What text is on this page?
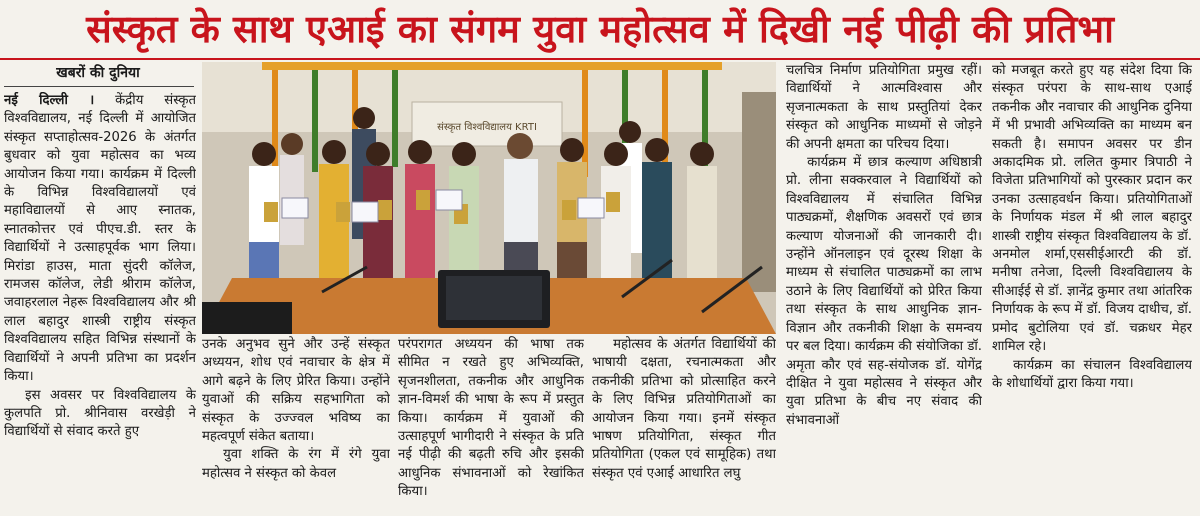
संस्कृत के साथ एआई का संगम युवा महोत्सव में दिखी नई पीढ़ी की प्रतिभा
खबरों की दुनिया

नई दिल्ली । केंद्रीय संस्कृत विश्वविद्यालय, नई दिल्ली में आयोजित संस्कृत सप्ताहोत्सव-2026 के अंतर्गत बुधवार को युवा महोत्सव का भव्य आयोजन किया गया। कार्यक्रम में दिल्ली के विभिन्न विश्वविद्यालयों एवं महाविद्यालयों से आए स्नातक, स्नातकोत्तर एवं पीएच.डी. स्तर के विद्यार्थियों ने उत्साहपूर्वक भाग लिया। मिरांडा हाउस, माता सुंदरी कॉलेज, रामजस कॉलेज, लेडी श्रीराम कॉलेज, जवाहरलाल नेहरू विश्वविद्यालय और श्री लाल बहादुर शास्त्री राष्ट्रीय संस्कृत विश्वविद्यालय सहित विभिन्न संस्थानों के विद्यार्थियों ने अपनी प्रतिभा का प्रदर्शन किया।

इस अवसर पर विश्वविद्यालय के कुलपति प्रो. श्रीनिवास वरखेड़ी ने विद्यार्थियों से संवाद करते हुए

संस्कृत विश्वविद्यालय KRTI

उनके अनुभव सुने और उन्हें संस्कृत अध्ययन, शोध एवं नवाचार के क्षेत्र में आगे बढ़ने के लिए प्रेरित किया। उन्होंने युवाओं की सक्रिय सहभागिता को संस्कृत के उज्ज्वल भविष्य का महत्वपूर्ण संकेत बताया।

युवा शक्ति के रंग में रंगे युवा महोत्सव ने संस्कृत को केवल

परंपरागत अध्ययन की भाषा तक सीमित न रखते हुए अभिव्यक्ति, सृजनशीलता, तकनीक और आधुनिक ज्ञान-विमर्श की भाषा के रूप में प्रस्तुत किया। कार्यक्रम में युवाओं की उत्साहपूर्ण भागीदारी ने संस्कृत के प्रति नई पीढ़ी की बढ़ती रुचि और इसकी आधुनिक संभावनाओं को रेखांकित किया।

महोत्सव के अंतर्गत विद्यार्थियों की भाषायी दक्षता, रचनात्मकता और तकनीकी प्रतिभा को प्रोत्साहित करने के लिए विभिन्न प्रतियोगिताओं का आयोजन किया गया। इनमें संस्कृत भाषण प्रतियोगिता, संस्कृत गीत प्रतियोगिता (एकल एवं सामूहिक) तथा संस्कृत एवं एआई आधारित लघु

चलचित्र निर्माण प्रतियोगिता प्रमुख रहीं। विद्यार्थियों ने आत्मविश्वास और सृजनात्मकता के साथ प्रस्तुतियां देकर संस्कृत को आधुनिक माध्यमों से जोड़ने की अपनी क्षमता का परिचय दिया।

कार्यक्रम में छात्र कल्याण अधिष्ठात्री प्रो. लीना सक्करवाल ने विद्यार्थियों को विश्वविद्यालय में संचालित विभिन्न पाठ्यक्रमों, शैक्षणिक अवसरों एवं छात्र कल्याण योजनाओं की जानकारी दी। उन्होंने ऑनलाइन एवं दूरस्थ शिक्षा के माध्यम से संचालित पाठ्यक्रमों का लाभ उठाने के लिए विद्यार्थियों को प्रेरित किया तथा संस्कृत के साथ आधुनिक ज्ञान-विज्ञान और तकनीकी शिक्षा के समन्वय पर बल दिया। कार्यक्रम की संयोजिका डॉ. अमृता कौर एवं सह-संयोजक डॉ. योगेंद्र दीक्षित ने युवा महोत्सव ने संस्कृत और युवा प्रतिभा के बीच नए संवाद की संभावनाओं

को मजबूत करते हुए यह संदेश दिया कि संस्कृत परंपरा के साथ-साथ एआई तकनीक और नवाचार की आधुनिक दुनिया में भी प्रभावी अभिव्यक्ति का माध्यम बन सकती है। समापन अवसर पर डीन अकादमिक प्रो. ललित कुमार त्रिपाठी ने विजेता प्रतिभागियों को पुरस्कार प्रदान कर उनका उत्साहवर्धन किया। प्रतियोगिताओं के निर्णायक मंडल में श्री लाल बहादुर शास्त्री राष्ट्रीय संस्कृत विश्वविद्यालय के डॉ. अनमोल शर्मा,एससीईआरटी की डॉ. मनीषा तनेजा, दिल्ली विश्वविद्यालय के सीआईई से डॉ. ज्ञानेंद्र कुमार तथा आंतरिक निर्णायक के रूप में डॉ. विजय दाधीच, डॉ. प्रमोद बुटोलिया एवं डॉ. चक्रधर मेहर शामिल रहे।

कार्यक्रम का संचालन विश्वविद्यालय के शोधार्थियों द्वारा किया गया।
